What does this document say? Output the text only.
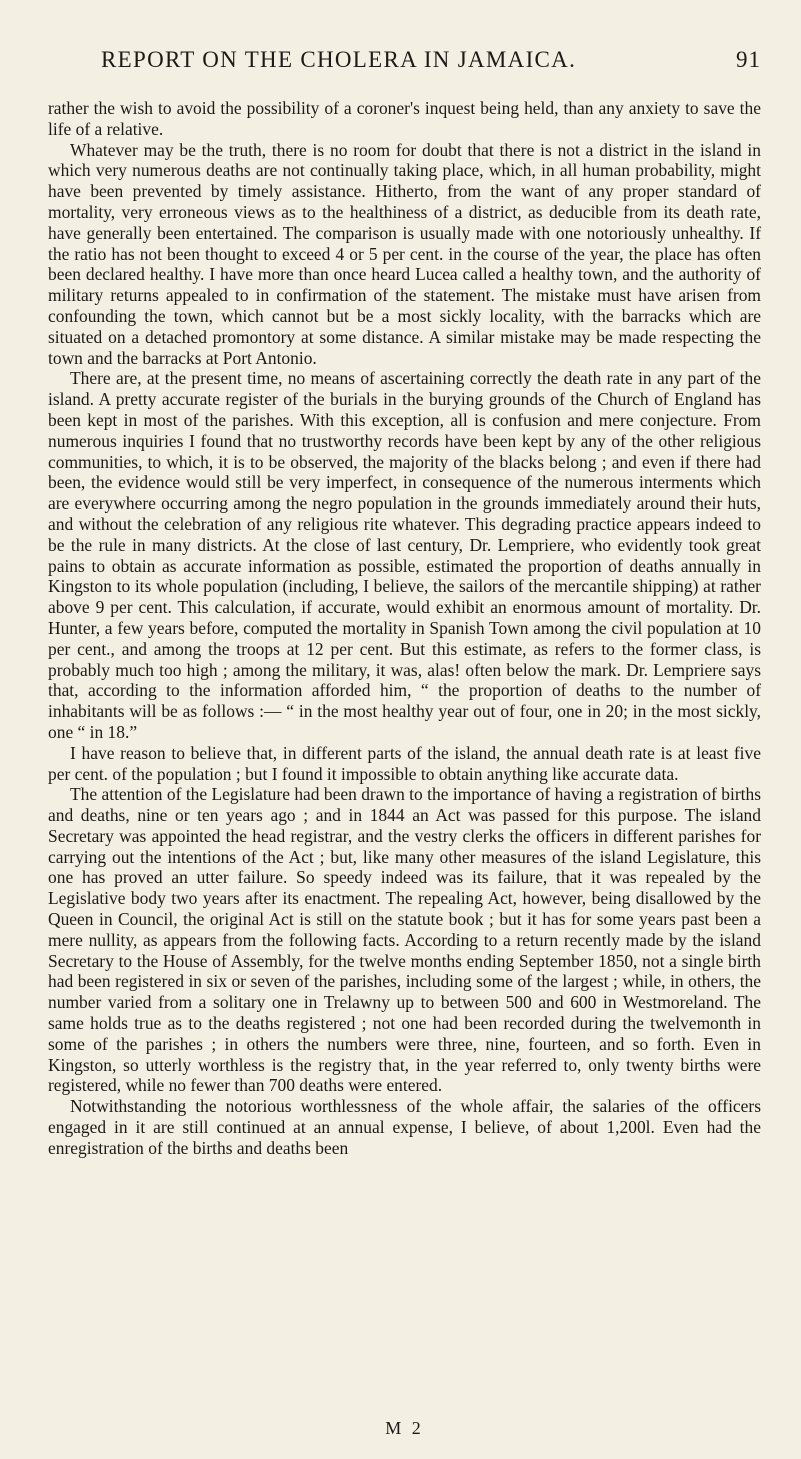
REPORT ON THE CHOLERA IN JAMAICA.	91

rather the wish to avoid the possibility of a coroner's inquest being held, than any anxiety to save the life of a relative.

Whatever may be the truth, there is no room for doubt that there is not a district in the island in which very numerous deaths are not continually taking place, which, in all human probability, might have been prevented by timely assistance. Hitherto, from the want of any proper standard of mortality, very erroneous views as to the healthiness of a district, as deducible from its death rate, have generally been entertained. The comparison is usually made with one notoriously unhealthy. If the ratio has not been thought to exceed 4 or 5 per cent. in the course of the year, the place has often been declared healthy. I have more than once heard Lucea called a healthy town, and the authority of military returns appealed to in confirmation of the statement. The mistake must have arisen from confounding the town, which cannot but be a most sickly locality, with the barracks which are situated on a detached promontory at some distance. A similar mistake may be made respecting the town and the barracks at Port Antonio.

There are, at the present time, no means of ascertaining correctly the death rate in any part of the island. A pretty accurate register of the burials in the burying grounds of the Church of England has been kept in most of the parishes. With this exception, all is confusion and mere conjecture. From numerous inquiries I found that no trustworthy records have been kept by any of the other religious communities, to which, it is to be observed, the majority of the blacks belong ; and even if there had been, the evidence would still be very imperfect, in consequence of the numerous interments which are everywhere occurring among the negro population in the grounds immediately around their huts, and without the celebration of any religious rite whatever. This degrading practice appears indeed to be the rule in many districts. At the close of last century, Dr. Lempriere, who evidently took great pains to obtain as accurate information as possible, estimated the proportion of deaths annually in Kingston to its whole population (including, I believe, the sailors of the mercantile shipping) at rather above 9 per cent. This calculation, if accurate, would exhibit an enormous amount of mortality. Dr. Hunter, a few years before, computed the mortality in Spanish Town among the civil population at 10 per cent., and among the troops at 12 per cent. But this estimate, as refers to the former class, is probably much too high ; among the military, it was, alas! often below the mark. Dr. Lempriere says that, according to the information afforded him, “ the proportion of deaths to the number of inhabitants will be as follows :— “ in the most healthy year out of four, one in 20; in the most sickly, one “ in 18.”

I have reason to believe that, in different parts of the island, the annual death rate is at least five per cent. of the population ; but I found it impossible to obtain anything like accurate data.

The attention of the Legislature had been drawn to the importance of having a registration of births and deaths, nine or ten years ago ; and in 1844 an Act was passed for this purpose. The island Secretary was appointed the head registrar, and the vestry clerks the officers in different parishes for carrying out the intentions of the Act ; but, like many other measures of the island Legislature, this one has proved an utter failure. So speedy indeed was its failure, that it was repealed by the Legislative body two years after its enactment. The repealing Act, however, being disallowed by the Queen in Council, the original Act is still on the statute book ; but it has for some years past been a mere nullity, as appears from the following facts. According to a return recently made by the island Secretary to the House of Assembly, for the twelve months ending September 1850, not a single birth had been registered in six or seven of the parishes, including some of the largest ; while, in others, the number varied from a solitary one in Trelawny up to between 500 and 600 in Westmoreland. The same holds true as to the deaths registered ; not one had been recorded during the twelvemonth in some of the parishes ; in others the numbers were three, nine, fourteen, and so forth. Even in Kingston, so utterly worthless is the registry that, in the year referred to, only twenty births were registered, while no fewer than 700 deaths were entered.

Notwithstanding the notorious worthlessness of the whole affair, the salaries of the officers engaged in it are still continued at an annual expense, I believe, of about 1,200l. Even had the enregistration of the births and deaths been

M 2
